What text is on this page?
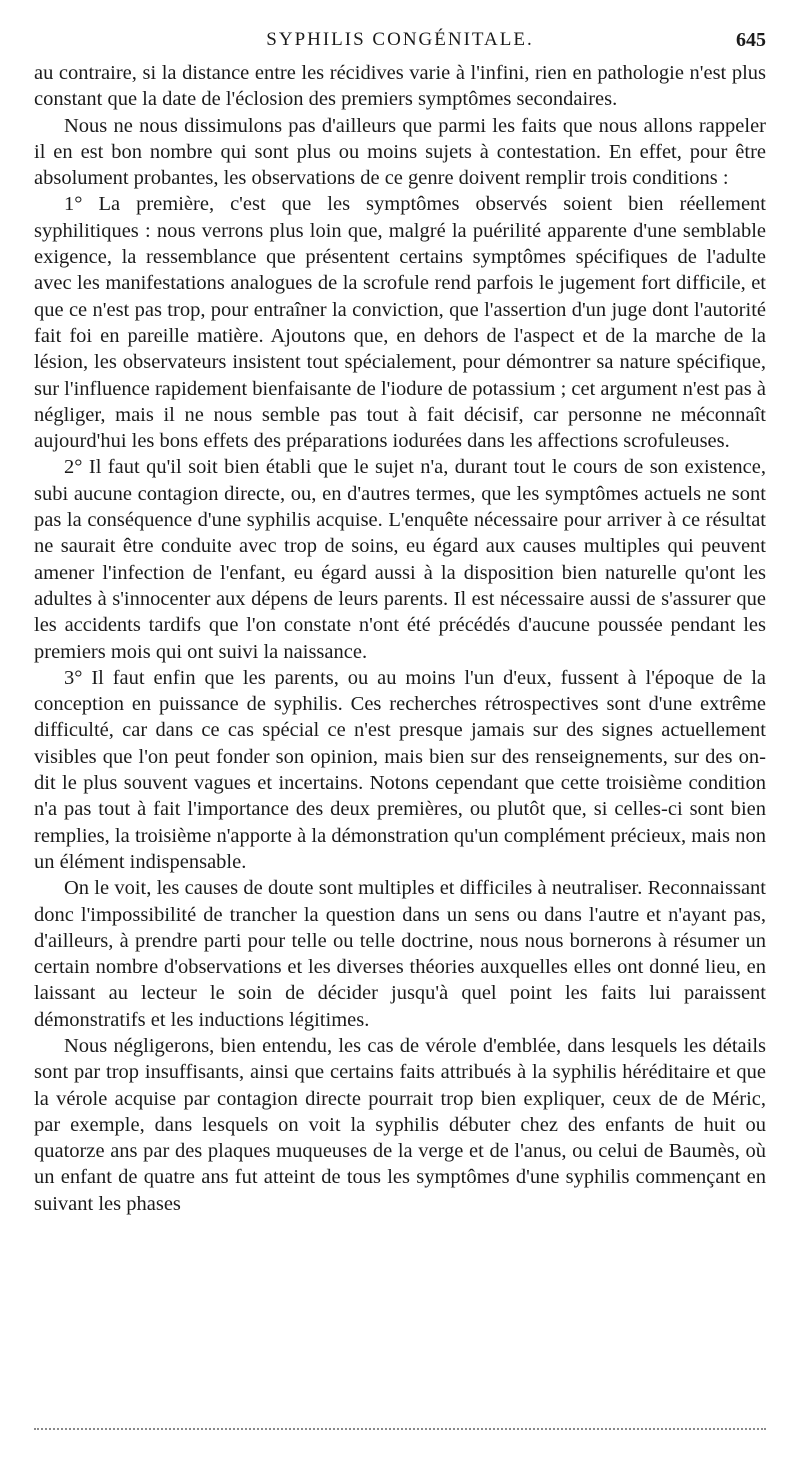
SYPHILIS CONGÉNITALE.	645

au contraire, si la distance entre les récidives varie à l'infini, rien en pathologie n'est plus constant que la date de l'éclosion des premiers symptômes secondaires.

Nous ne nous dissimulons pas d'ailleurs que parmi les faits que nous allons rappeler il en est bon nombre qui sont plus ou moins sujets à contestation. En effet, pour être absolument probantes, les observations de ce genre doivent remplir trois conditions :

1° La première, c'est que les symptômes observés soient bien réellement syphilitiques : nous verrons plus loin que, malgré la puérilité apparente d'une semblable exigence, la ressemblance que présentent certains symptômes spécifiques de l'adulte avec les manifestations analogues de la scrofule rend parfois le jugement fort difficile, et que ce n'est pas trop, pour entraîner la conviction, que l'assertion d'un juge dont l'autorité fait foi en pareille matière. Ajoutons que, en dehors de l'aspect et de la marche de la lésion, les observateurs insistent tout spécialement, pour démontrer sa nature spécifique, sur l'influence rapidement bienfaisante de l'iodure de potassium ; cet argument n'est pas à négliger, mais il ne nous semble pas tout à fait décisif, car personne ne méconnaît aujourd'hui les bons effets des préparations iodurées dans les affections scrofuleuses.

2° Il faut qu'il soit bien établi que le sujet n'a, durant tout le cours de son existence, subi aucune contagion directe, ou, en d'autres termes, que les symptômes actuels ne sont pas la conséquence d'une syphilis acquise. L'enquête nécessaire pour arriver à ce résultat ne saurait être conduite avec trop de soins, eu égard aux causes multiples qui peuvent amener l'infection de l'enfant, eu égard aussi à la disposition bien naturelle qu'ont les adultes à s'innocenter aux dépens de leurs parents. Il est nécessaire aussi de s'assurer que les accidents tardifs que l'on constate n'ont été précédés d'aucune poussée pendant les premiers mois qui ont suivi la naissance.

3° Il faut enfin que les parents, ou au moins l'un d'eux, fussent à l'époque de la conception en puissance de syphilis. Ces recherches rétrospectives sont d'une extrême difficulté, car dans ce cas spécial ce n'est presque jamais sur des signes actuellement visibles que l'on peut fonder son opinion, mais bien sur des renseignements, sur des on-dit le plus souvent vagues et incertains. Notons cependant que cette troisième condition n'a pas tout à fait l'importance des deux premières, ou plutôt que, si celles-ci sont bien remplies, la troisième n'apporte à la démonstration qu'un complément précieux, mais non un élément indispensable.

On le voit, les causes de doute sont multiples et difficiles à neutraliser. Reconnaissant donc l'impossibilité de trancher la question dans un sens ou dans l'autre et n'ayant pas, d'ailleurs, à prendre parti pour telle ou telle doctrine, nous nous bornerons à résumer un certain nombre d'observations et les diverses théories auxquelles elles ont donné lieu, en laissant au lecteur le soin de décider jusqu'à quel point les faits lui paraissent démonstratifs et les inductions légitimes.

Nous négligerons, bien entendu, les cas de vérole d'emblée, dans lesquels les détails sont par trop insuffisants, ainsi que certains faits attribués à la syphilis héréditaire et que la vérole acquise par contagion directe pourrait trop bien expliquer, ceux de de Méric, par exemple, dans lesquels on voit la syphilis débuter chez des enfants de huit ou quatorze ans par des plaques muqueuses de la verge et de l'anus, ou celui de Baumès, où un enfant de quatre ans fut atteint de tous les symptômes d'une syphilis commençant en suivant les phases
